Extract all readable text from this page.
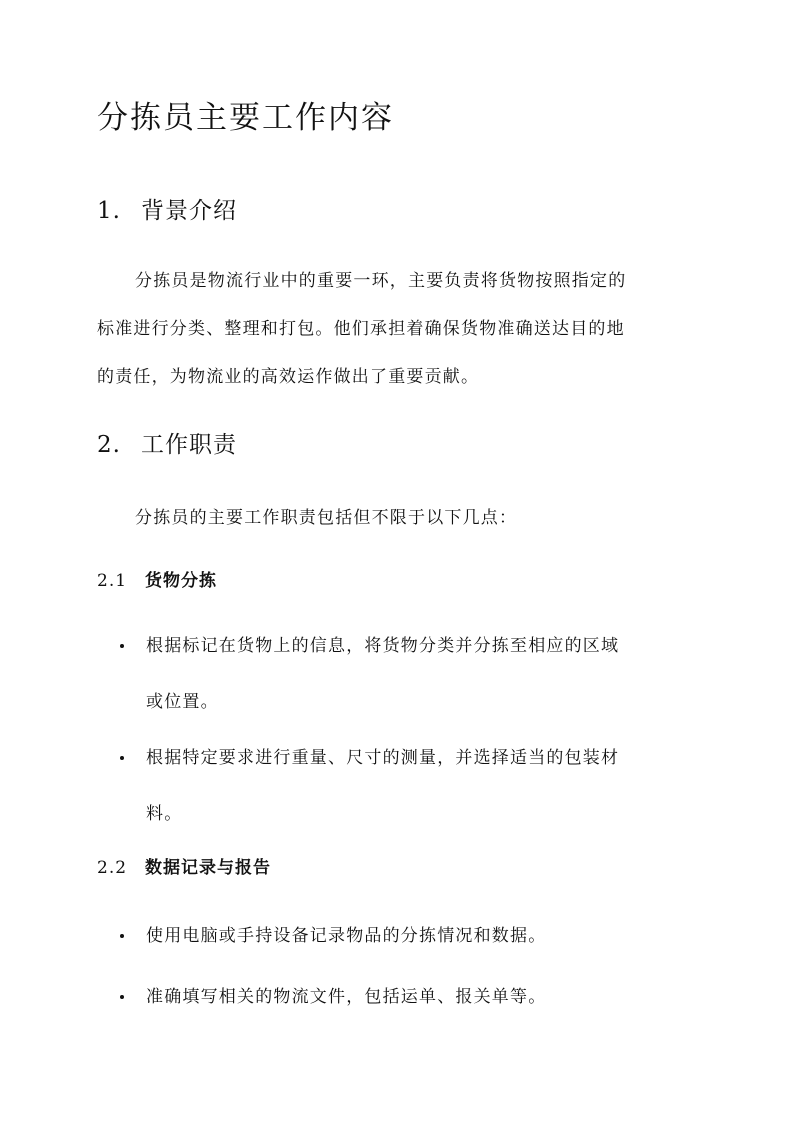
分拣员主要工作内容
1. 背景介绍
分拣员是物流行业中的重要一环，主要负责将货物按照指定的
标准进行分类、整理和打包。他们承担着确保货物准确送达目的地
的责任，为物流业的高效运作做出了重要贡献。
2. 工作职责
分拣员的主要工作职责包括但不限于以下几点：
2.1 货物分拣
根据标记在货物上的信息，将货物分类并分拣至相应的区域
或位置。
根据特定要求进行重量、尺寸的测量，并选择适当的包装材
料。
2.2 数据记录与报告
使用电脑或手持设备记录物品的分拣情况和数据。
准确填写相关的物流文件，包括运单、报关单等。
